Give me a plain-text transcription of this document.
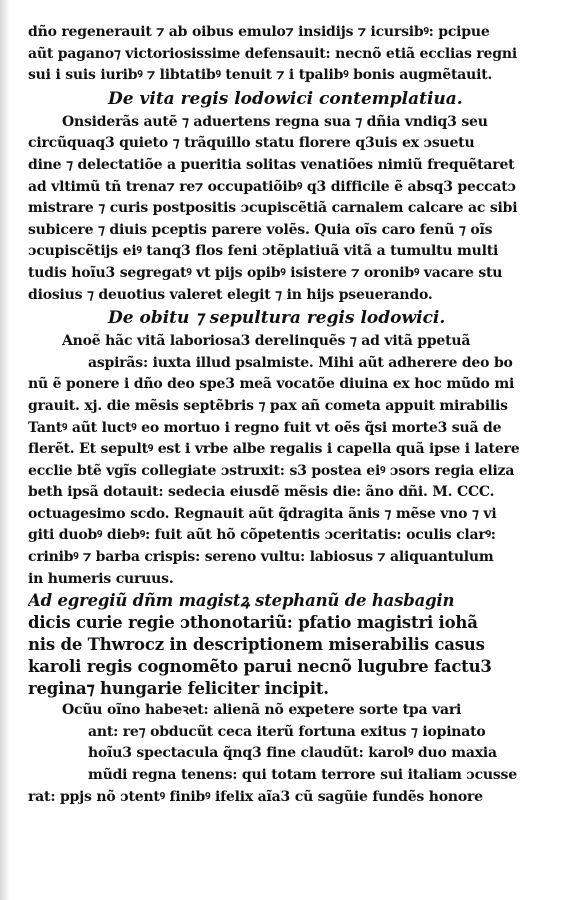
dño regenerauit ⁊ ab oibus emulo⁊ insidijs ⁊ icursibꝰ: pcipue
aũt pagano⁊ victoriosissime defensauit: necnõ etiã ecclias regni
sui i suis iuribꝰ ⁊ libtatibꝰ tenuit ⁊ i tpalibꝰ bonis augmẽtauit.
De vita regis lodowici contemplatiua.
Onsiderãs autẽ ⁊ aduertens regna sua ⁊ dñia vndiq3 seu
circũquaq3 quieto ⁊ trãquillo statu florere q3uis ex ɔsuetu
dine ⁊ delectatiõe a pueritia solitas venatiões nimiũ frequẽtaret
ad vltimũ tñ trena⁊ re⁊ occupatiõibꝰ q3 difficile ẽ absq3 peccatɔ
mistrare ⁊ curis postpositis ɔcupiscẽtiã carnalem calcare ac sibi
subicere ⁊ diuis pceptis parere volẽs. Quia oĩs caro fenũ ⁊ oĩs
ɔcupiscẽtijs eiꝰ tanq3 flos feni ɔtẽplatiuã vitã a tumultu multi
tudis hoĩu3 segregatꝰ vt pijs opibꝰ isistere ⁊ oronibꝰ vacare stu
diosius ⁊ deuotius valeret elegit ⁊ in hijs pseuerando.
De obitu ⁊ sepultura regis lodowici.
Anoẽ hãc vitã laboriosa3 derelinquẽs ⁊ ad vitã ppetuã
aspirãs: iuxta illud psalmiste. Mihi aũt adherere deo bo
nũ ẽ ponere i dño deo spe3 meã vocatõe diuina ex hoc mũdo mi
grauit. xj. die mẽsis septẽbris ⁊ pax añ cometa appuit mirabilis
Tantꝰ aũt luctꝰ eo mortuo i regno fuit vt oẽs q̃si morte3 suã de
flerẽt. Et sepultꝰ est i vrbe albe regalis i capella quã ipse i latere
ecclie btẽ vgĩs collegiate ɔstruxit: s3 postea eiꝰ ɔsors regia eliza
beth ipsã dotauit: sedecia eiusdẽ mẽsis die: ãno dñi. M. CCC.
octuagesimo scdo. Regnauit aũt q̃dragita ãnis ⁊ mẽse vno ⁊ vi
giti duobꝰ diebꝰ: fuit aũt hõ cõpetentis ɔceritatis: oculis clarꝰ:
crinibꝰ ⁊ barba crispis: sereno vultu: labiosus ⁊ aliquantulum
in humeris curuus.
Ad egregiũ dñm magistꝝ stephanũ de hasbagin
dicis curie regie ɔthonotariũ: pfatio magistri iohã
nis de Thwrocz in descriptionem miserabilis casus
karoli regis cognomẽto parui necnõ lugubre factu3
regina⁊ hungarie feliciter incipit.
Ocũu oĩno habeꝛet: alienã nõ expetere sorte tpa vari
ant: re⁊ obducũt ceca iterũ fortuna exitus ⁊ iopinato
hoĩu3 spectacula q̃nq3 fine claudũt: karolꝰ duo maxia
mũdi regna tenens: qui totam terrore sui italiam ɔcusse
rat: ppjs nõ ɔtentꝰ finibꝰ ifelix aĩa3 cũ sagũie fundẽs honore
